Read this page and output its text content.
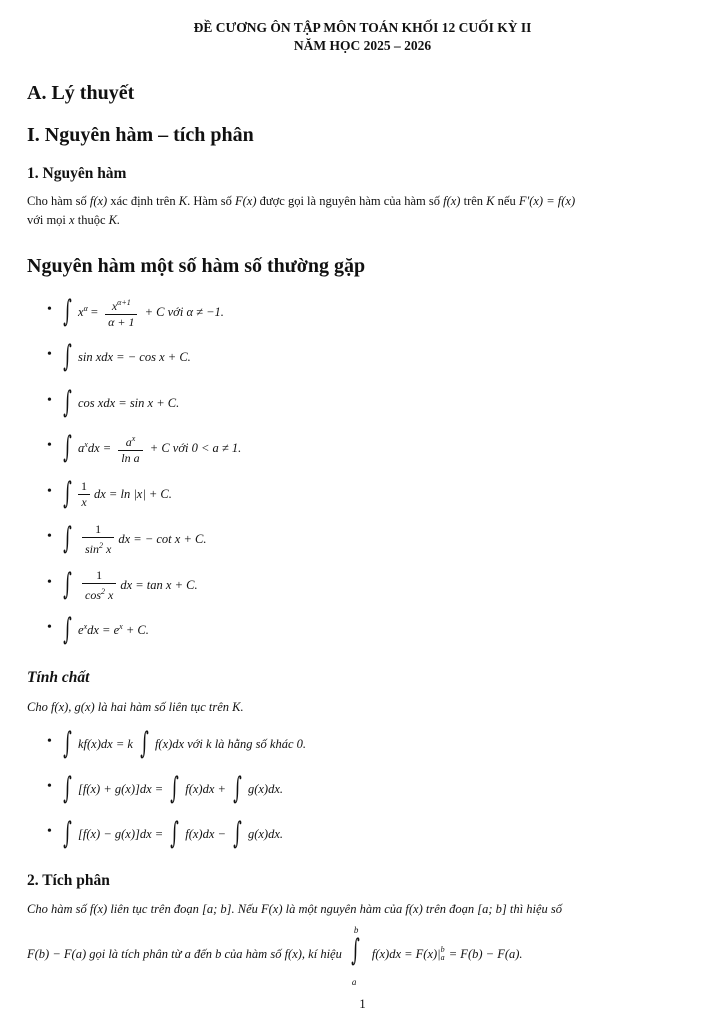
ĐỀ CƯƠNG ÔN TẬP MÔN TOÁN KHỐI 12 CUỐI KỲ II
NĂM HỌC 2025 – 2026
A. Lý thuyết
I. Nguyên hàm – tích phân
1. Nguyên hàm
Cho hàm số f(x) xác định trên K. Hàm số F(x) được gọi là nguyên hàm của hàm số f(x) trên K nếu F′(x) = f(x)
với mọi x thuộc K.
Nguyên hàm một số hàm số thường gặp
• ∫ $x^\alpha = \frac{x^{\alpha+1}}{\alpha + 1} + C$ với α ≠ −1.
• ∫ sin xdx = − cos x + C.
• ∫ cos xdx = sin x + C.
• ∫ $a^xdx = \frac{a^x}{\text{ln a}} + C$ với 0 < a ≠ 1.
• ∫ $\frac{1}{x}$ dx = ln |x| + C.
• ∫ $\frac{1}{\sin^2 x}$ dx = − cot x + C.
• ∫ $\frac{1}{\cos^2 x}$ dx = tan x + C.
• ∫ $e^xdx = e^x + C$.
Tính chất
Cho f(x), g(x) là hai hàm số liên tục trên K.
• ∫ kf(x)dx = k ∫ f(x)dx với k là hằng số khác 0.
• ∫ [f(x) + g(x)]dx = ∫ f(x)dx + ∫ g(x)dx.
• ∫ [f(x) − g(x)]dx = ∫ f(x)dx − ∫ g(x)dx.
2. Tích phân
Cho hàm số f(x) liên tục trên đoạn [a; b]. Nếu F(x) là một nguyên hàm của f(x) trên đoạn [a; b] thì hiệu số
F(b) − F(a) gọi là tích phân từ a đến b của hàm số f(x), kí hiệu
b
∫
a
f(x)dx = F(x)| b
a = F(b) − F(a).
1
